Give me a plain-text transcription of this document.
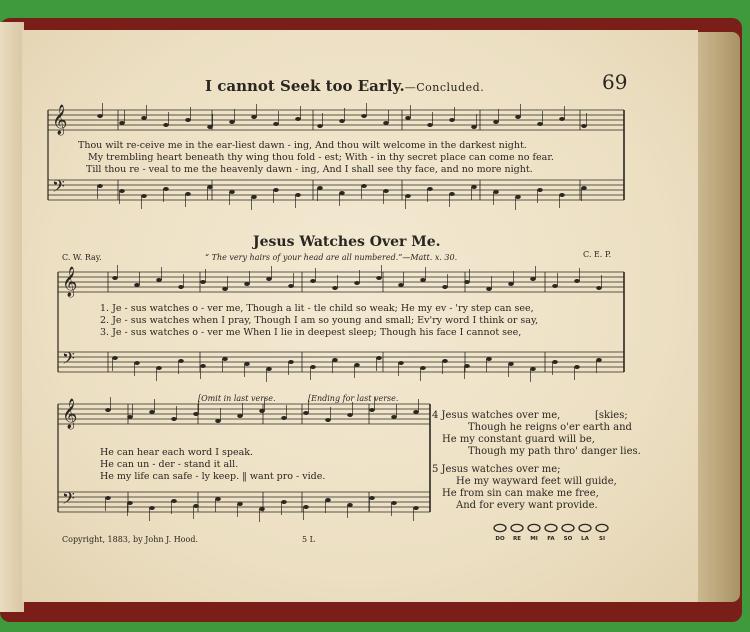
𝄞
𝄢
𝄞
𝄢
𝄞
𝄢
DO RE MI FA SO LA SI
I cannot Seek too Early.—Concluded.	69
Thou wilt re-ceive me in the ear-liest dawn - ing, And thou wilt welcome in the darkest night.
My trembling heart beneath thy wing thou fold - est; With - in thy secret place can come no fear.
Till thou re - veal to me the heavenly dawn - ing, And I shall see thy face, and no more night.
Jesus Watches Over Me.
C. W. Ray.	“ The very hairs of your head are all numbered.”—Matt. x. 30.	C. E. P.
1. Je - sus watches o - ver me, Though a lit - tle child so weak; He my ev - 'ry step can see,
2. Je - sus watches when I pray, Though I am so young and small; Ev'ry word I think or say,
3. Je - sus watches o - ver me When I lie in deepest sleep; Though his face I cannot see,
[Omit in last verse.	[Ending for last verse.
He can hear each word I speak.
He can un - der - stand it all.
He my life can safe - ly keep. ‖ want pro - vide.
4 Jesus watches over me,	[skies;
Though he reigns o'er earth and
He my constant guard will be,
Though my path thro' danger lies.
5 Jesus watches over me;
He my wayward feet will guide,
He from sin can make me free,
And for every want provide.
Copyright, 1883, by John J. Hood.	5 L
